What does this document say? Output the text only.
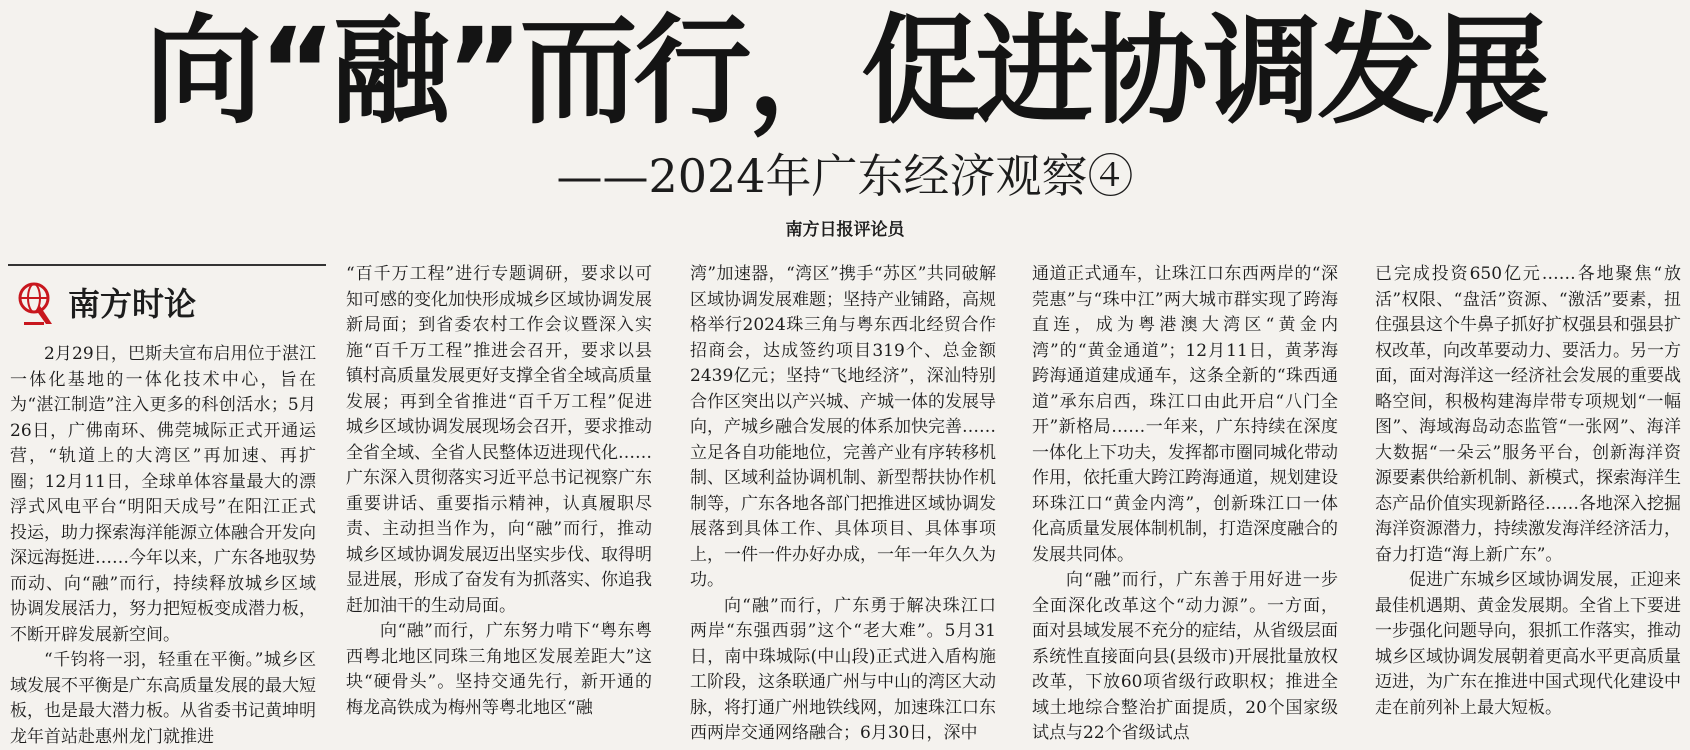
向“融”而行，促进协调发展
——2024年广东经济观察④
南方日报评论员
南方时论

2月29日，巴斯夫宣布启用位于湛江一体化基地的一体化技术中心，旨在为“湛江制造”注入更多的科创活水；5月26日，广佛南环、佛莞城际正式开通运营，“轨道上的大湾区”再加速、再扩圈；12月11日，全球单体容量最大的漂浮式风电平台“明阳天成号”在阳江正式投运，助力探索海洋能源立体融合开发向深远海挺进……今年以来，广东各地驭势而动、向“融”而行，持续释放城乡区域协调发展活力，努力把短板变成潜力板，不断开辟发展新空间。

“千钧将一羽，轻重在平衡。”城乡区域发展不平衡是广东高质量发展的最大短板，也是最大潜力板。从省委书记黄坤明龙年首站赴惠州龙门就推进

“百千万工程”进行专题调研，要求以可知可感的变化加快形成城乡区域协调发展新局面；到省委农村工作会议暨深入实施“百千万工程”推进会召开，要求以县镇村高质量发展更好支撑全省全域高质量发展；再到全省推进“百千万工程”促进城乡区域协调发展现场会召开，要求推动全省全域、全省人民整体迈进现代化……广东深入贯彻落实习近平总书记视察广东重要讲话、重要指示精神，认真履职尽责、主动担当作为，向“融”而行，推动城乡区域协调发展迈出坚实步伐、取得明显进展，形成了奋发有为抓落实、你追我赶加油干的生动局面。

向“融”而行，广东努力啃下“粤东粤西粤北地区同珠三角地区发展差距大”这块“硬骨头”。坚持交通先行，新开通的梅龙高铁成为梅州等粤北地区“融

湾”加速器，“湾区”携手“苏区”共同破解区域协调发展难题；坚持产业铺路，高规格举行2024珠三角与粤东西北经贸合作招商会，达成签约项目319个、总金额2439亿元；坚持“飞地经济”，深汕特别合作区突出以产兴城、产城一体的发展导向，产城乡融合发展的体系加快完善……立足各自功能地位，完善产业有序转移机制、区域利益协调机制、新型帮扶协作机制等，广东各地各部门把推进区域协调发展落到具体工作、具体项目、具体事项上，一件一件办好办成，一年一年久久为功。

向“融”而行，广东勇于解决珠江口两岸“东强西弱”这个“老大难”。5月31日，南中珠城际(中山段)正式进入盾构施工阶段，这条联通广州与中山的湾区大动脉，将打通广州地铁线网，加速珠江口东西两岸交通网络融合；6月30日，深中

通道正式通车，让珠江口东西两岸的“深莞惠”与“珠中江”两大城市群实现了跨海直连，成为粤港澳大湾区“黄金内湾”的“黄金通道”；12月11日，黄茅海跨海通道建成通车，这条全新的“珠西通道”承东启西，珠江口由此开启“八门全开”新格局……一年来，广东持续在深度一体化上下功夫，发挥都市圈同城化带动作用，依托重大跨江跨海通道，规划建设环珠江口“黄金内湾”，创新珠江口一体化高质量发展体制机制，打造深度融合的发展共同体。

向“融”而行，广东善于用好进一步全面深化改革这个“动力源”。一方面，面对县域发展不充分的症结，从省级层面系统性直接面向县(县级市)开展批量放权改革，下放60项省级行政职权；推进全域土地综合整治扩面提质，20个国家级试点与22个省级试点

已完成投资650亿元……各地聚焦“放活”权限、“盘活”资源、“激活”要素，扭住强县这个牛鼻子抓好扩权强县和强县扩权改革，向改革要动力、要活力。另一方面，面对海洋这一经济社会发展的重要战略空间，积极构建海岸带专项规划“一幅图”、海域海岛动态监管“一张网”、海洋大数据“一朵云”服务平台，创新海洋资源要素供给新机制、新模式，探索海洋生态产品价值实现新路径……各地深入挖掘海洋资源潜力，持续激发海洋经济活力，奋力打造“海上新广东”。

促进广东城乡区域协调发展，正迎来最佳机遇期、黄金发展期。全省上下要进一步强化问题导向，狠抓工作落实，推动城乡区域协调发展朝着更高水平更高质量迈进，为广东在推进中国式现代化建设中走在前列补上最大短板。
